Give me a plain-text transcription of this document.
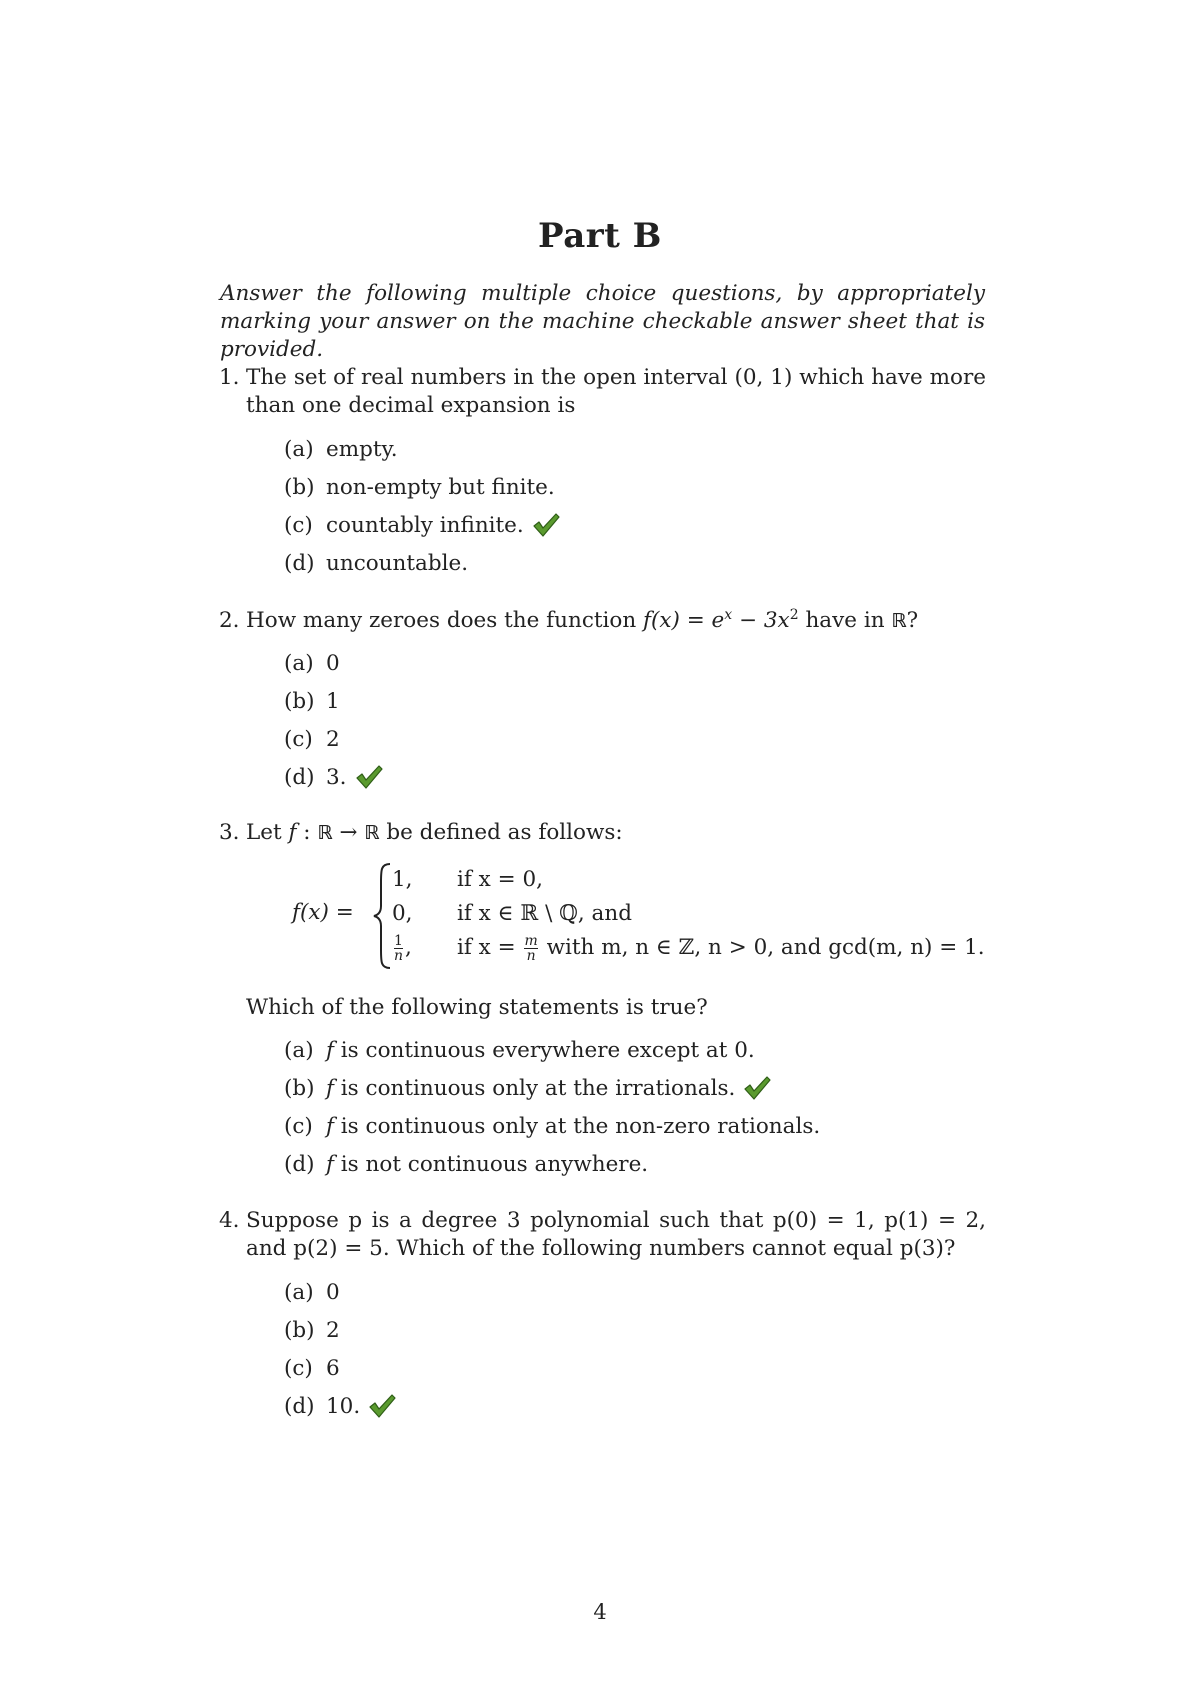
Part B
Answer the following multiple choice questions, by appropriately marking your answer on the machine checkable answer sheet that is provided.
1. The set of real numbers in the open interval (0, 1) which have more than one decimal expansion is
(a) empty.
(b) non-empty but finite.
(c) countably infinite.
(d) uncountable.
2. How many zeroes does the function $f(x) = e^x - 3x^2$ have in ℝ?
(a) 0
(b) 1
(c) 2
(d) 3.
3. Let f : ℝ → ℝ be defined as follows:
f(x) =
1, if x = 0,
0, if x ∈ ℝ \ ℚ, and
$\frac{1}{n}$ , if $x = \frac{m}{n}$ with m, n ∈ ℤ, n > 0, and gcd(m, n) = 1.
Which of the following statements is true?
(a) f is continuous everywhere except at 0.
(b) f is continuous only at the irrationals.
(c) f is continuous only at the non-zero rationals.
(d) f is not continuous anywhere.
4. Suppose p is a degree 3 polynomial such that p(0) = 1, p(1) = 2, and p(2) = 5. Which of the following numbers cannot equal p(3)?
(a) 0
(b) 2
(c) 6
(d) 10.
4
